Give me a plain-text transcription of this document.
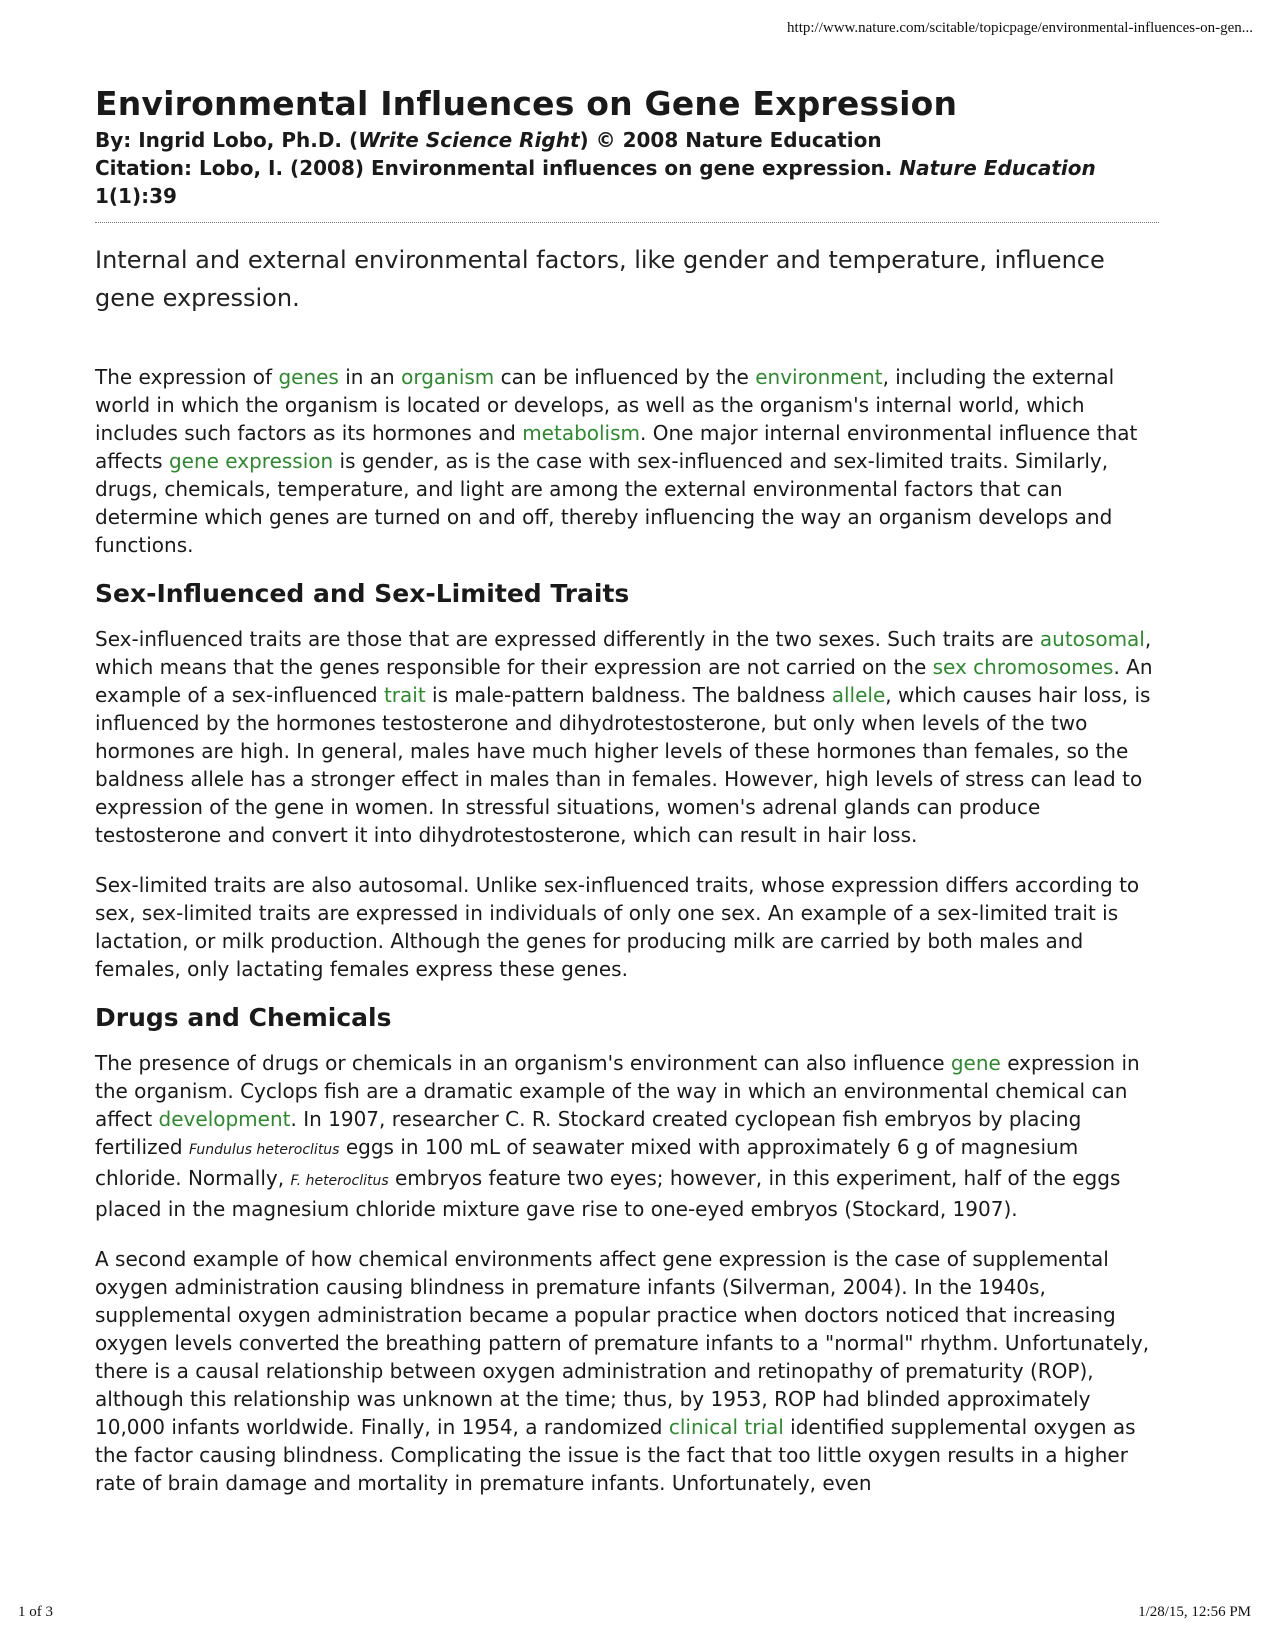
http://www.nature.com/scitable/topicpage/environmental-influences-on-gen...
Environmental Influences on Gene Expression
By: Ingrid Lobo, Ph.D. (Write Science Right) © 2008 Nature Education
Citation: Lobo, I. (2008) Environmental influences on gene expression. Nature Education 1(1):39

Internal and external environmental factors, like gender and temperature, influence gene expression.

The expression of genes in an organism can be influenced by the environment, including the external world in which the organism is located or develops, as well as the organism's internal world, which includes such factors as its hormones and metabolism. One major internal environmental influence that affects gene expression is gender, as is the case with sex-influenced and sex-limited traits. Similarly, drugs, chemicals, temperature, and light are among the external environmental factors that can determine which genes are turned on and off, thereby influencing the way an organism develops and functions.

Sex-Influenced and Sex-Limited Traits

Sex-influenced traits are those that are expressed differently in the two sexes. Such traits are autosomal, which means that the genes responsible for their expression are not carried on the sex chromosomes. An example of a sex-influenced trait is male-pattern baldness. The baldness allele, which causes hair loss, is influenced by the hormones testosterone and dihydrotestosterone, but only when levels of the two hormones are high. In general, males have much higher levels of these hormones than females, so the baldness allele has a stronger effect in males than in females. However, high levels of stress can lead to expression of the gene in women. In stressful situations, women's adrenal glands can produce testosterone and convert it into dihydrotestosterone, which can result in hair loss.

Sex-limited traits are also autosomal. Unlike sex-influenced traits, whose expression differs according to sex, sex-limited traits are expressed in individuals of only one sex. An example of a sex-limited trait is lactation, or milk production. Although the genes for producing milk are carried by both males and females, only lactating females express these genes.

Drugs and Chemicals

The presence of drugs or chemicals in an organism's environment can also influence gene expression in the organism. Cyclops fish are a dramatic example of the way in which an environmental chemical can affect development. In 1907, researcher C. R. Stockard created cyclopean fish embryos by placing fertilized Fundulus heteroclitus eggs in 100 mL of seawater mixed with approximately 6 g of magnesium chloride. Normally, F. heteroclitus embryos feature two eyes; however, in this experiment, half of the eggs placed in the magnesium chloride mixture gave rise to one-eyed embryos (Stockard, 1907).

A second example of how chemical environments affect gene expression is the case of supplemental oxygen administration causing blindness in premature infants (Silverman, 2004). In the 1940s, supplemental oxygen administration became a popular practice when doctors noticed that increasing oxygen levels converted the breathing pattern of premature infants to a "normal" rhythm. Unfortunately, there is a causal relationship between oxygen administration and retinopathy of prematurity (ROP), although this relationship was unknown at the time; thus, by 1953, ROP had blinded approximately 10,000 infants worldwide. Finally, in 1954, a randomized clinical trial identified supplemental oxygen as the factor causing blindness. Complicating the issue is the fact that too little oxygen results in a higher rate of brain damage and mortality in premature infants. Unfortunately, even

1 of 3	1/28/15, 12:56 PM
